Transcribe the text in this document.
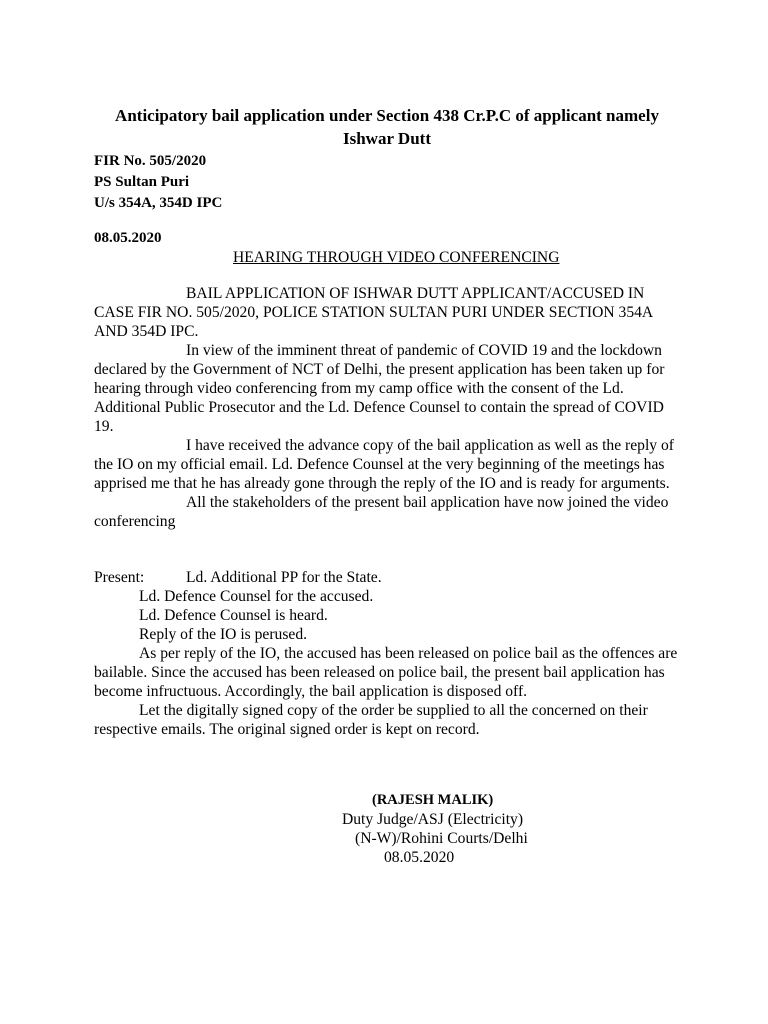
Anticipatory bail application under Section 438 Cr.P.C of applicant namely
Ishwar Dutt
FIR No. 505/2020
PS Sultan Puri
U/s 354A, 354D IPC
08.05.2020
HEARING THROUGH VIDEO CONFERENCING

BAIL APPLICATION OF ISHWAR DUTT APPLICANT/ACCUSED IN CASE FIR NO. 505/2020, POLICE STATION SULTAN PURI UNDER SECTION 354A AND 354D IPC.

In view of the imminent threat of pandemic of COVID 19 and the lockdown declared by the Government of NCT of Delhi, the present application has been taken up for hearing through video conferencing from my camp office with the consent of the Ld. Additional Public Prosecutor and the Ld. Defence Counsel to contain the spread of COVID 19.

I have received the advance copy of the bail application as well as the reply of the IO on my official email. Ld. Defence Counsel at the very beginning of the meetings has apprised me that he has already gone through the reply of the IO and is ready for arguments.

All the stakeholders of the present bail application have now joined the video conferencing

Present:	Ld. Additional PP for the State.
Ld. Defence Counsel for the accused.
Ld. Defence Counsel is heard.
Reply of the IO is perused.

As per reply of the IO, the accused has been released on police bail as the offences are bailable. Since the accused has been released on police bail, the present bail application has become infructuous. Accordingly, the bail application is disposed off.

Let the digitally signed copy of the order be supplied to all the concerned on their respective emails. The original signed order is kept on record.

(RAJESH MALIK)
Duty Judge/ASJ (Electricity)
(N-W)/Rohini Courts/Delhi
08.05.2020
